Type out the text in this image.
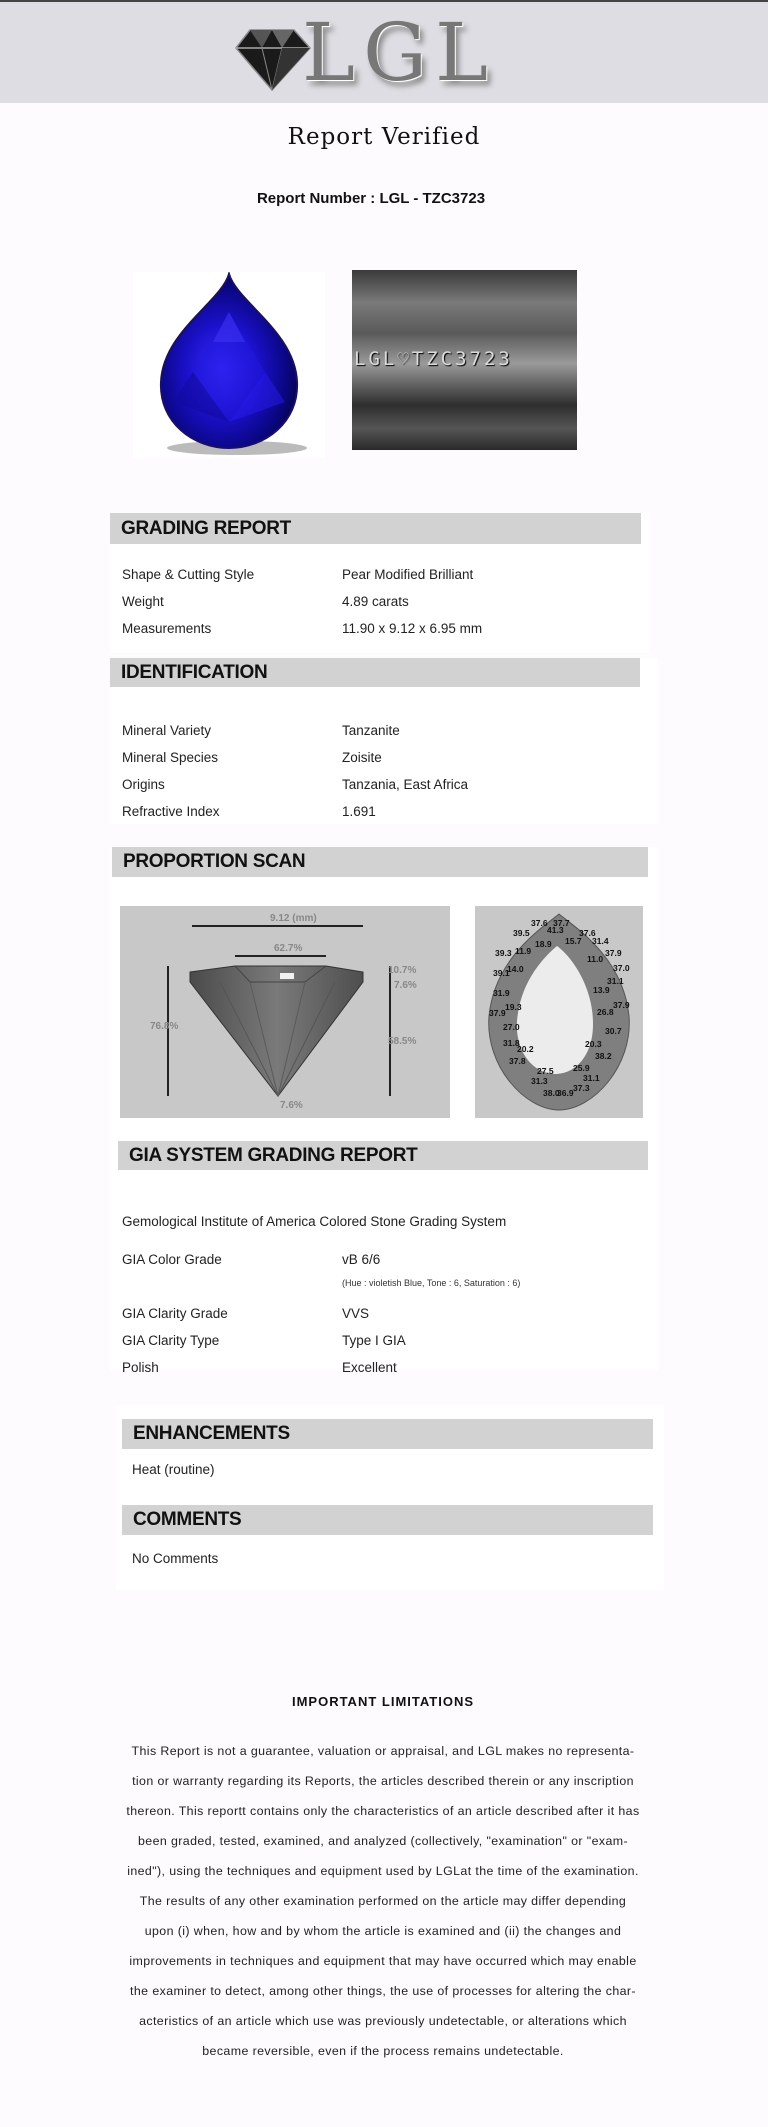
LGL
Report Verified
Report Number : LGL - TZC3723
LGL♡TZC3723
GRADING REPORT
Shape & Cutting Style	Pear Modified Brilliant
Weight	4.89 carats
Measurements	11.90 x 9.12 x 6.95 mm
IDENTIFICATION
Mineral Variety	Tanzanite
Mineral Species	Zoisite
Origins	Tanzania, East Africa
Refractive Index	1.691
PROPORTION SCAN
9.12 (mm)
62.7%
76.8%
10.7%
7.6%
58.5%
7.6%
37.6 37.7
39.5 41.3 37.6
15.7 31.4
18.9
37.9
39.3 11.9
11.0
37.0
39.1
14.0
31.1
31.9	13.9
19.3	37.9
37.9	26.8
27.0	30.7
31.8
20.2	20.3
37.8	38.2
25.9
27.5
31.1
31.3
37.3
38.0
36.9
GIA SYSTEM GRADING REPORT
Gemological Institute of America Colored Stone Grading System
GIA Color Grade	vB 6/6
(Hue : violetish Blue, Tone : 6, Saturation : 6)
GIA Clarity Grade	VVS
GIA Clarity Type	Type I GIA
Polish	Excellent
ENHANCEMENTS
Heat (routine)
COMMENTS
No Comments
IMPORTANT LIMITATIONS
This Report is not a guarantee, valuation or appraisal, and LGL makes no representa-
tion or warranty regarding its Reports, the articles described therein or any inscription
thereon. This reportt contains only the characteristics of an article described after it has
been graded, tested, examined, and analyzed (collectively, "examination" or "exam-
ined"), using the techniques and equipment used by LGLat the time of the examination.
The results of any other examination performed on the article may differ depending
upon (i) when, how and by whom the article is examined and (ii) the changes and
improvements in techniques and equipment that may have occurred which may enable
the examiner to detect, among other things, the use of processes for altering the char-
acteristics of an article which use was previously undetectable, or alterations which
became reversible, even if the process remains undetectable.
